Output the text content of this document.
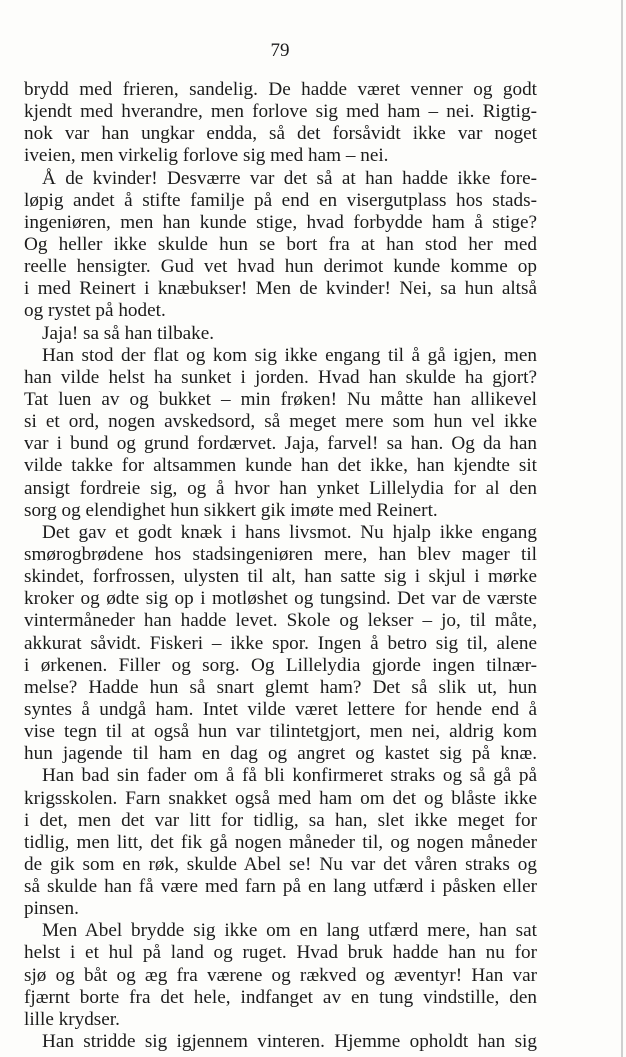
79
brydd med frieren, sandelig. De hadde været venner og godt
kjendt med hverandre, men forlove sig med ham – nei. Rigtig-
nok var han ungkar endda, så det forsåvidt ikke var noget
iveien, men virkelig forlove sig med ham – nei.
Å de kvinder! Desværre var det så at han hadde ikke fore-
løpig andet å stifte familje på end en visergutplass hos stads-
ingeniøren, men han kunde stige, hvad forbydde ham å stige?
Og heller ikke skulde hun se bort fra at han stod her med
reelle hensigter. Gud vet hvad hun derimot kunde komme op
i med Reinert i knæbukser! Men de kvinder! Nei, sa hun altså
og rystet på hodet.
Jaja! sa så han tilbake.
Han stod der flat og kom sig ikke engang til å gå igjen, men
han vilde helst ha sunket i jorden. Hvad han skulde ha gjort?
Tat luen av og bukket – min frøken! Nu måtte han allikevel
si et ord, nogen avskedsord, så meget mere som hun vel ikke
var i bund og grund fordærvet. Jaja, farvel! sa han. Og da han
vilde takke for altsammen kunde han det ikke, han kjendte sit
ansigt fordreie sig, og å hvor han ynket Lillelydia for al den
sorg og elendighet hun sikkert gik imøte med Reinert.
Det gav et godt knæk i hans livsmot. Nu hjalp ikke engang
smørogbrødene hos stadsingeniøren mere, han blev mager til
skindet, forfrossen, ulysten til alt, han satte sig i skjul i mørke
kroker og ødte sig op i motløshet og tungsind. Det var de værste
vintermåneder han hadde levet. Skole og lekser – jo, til måte,
akkurat såvidt. Fiskeri – ikke spor. Ingen å betro sig til, alene
i ørkenen. Filler og sorg. Og Lillelydia gjorde ingen tilnær-
melse? Hadde hun så snart glemt ham? Det så slik ut, hun
syntes å undgå ham. Intet vilde været lettere for hende end å
vise tegn til at også hun var tilintetgjort, men nei, aldrig kom
hun jagende til ham en dag og angret og kastet sig på knæ.
Han bad sin fader om å få bli konfirmeret straks og så gå på
krigsskolen. Farn snakket også med ham om det og blåste ikke
i det, men det var litt for tidlig, sa han, slet ikke meget for
tidlig, men litt, det fik gå nogen måneder til, og nogen måneder
de gik som en røk, skulde Abel se! Nu var det våren straks og
så skulde han få være med farn på en lang utfærd i påsken eller
pinsen.
Men Abel brydde sig ikke om en lang utfærd mere, han sat
helst i et hul på land og ruget. Hvad bruk hadde han nu for
sjø og båt og æg fra værene og rækved og æventyr! Han var
fjærnt borte fra det hele, indfanget av en tung vindstille, den
lille krydser.
Han stridde sig igjennem vinteren. Hjemme opholdt han sig
